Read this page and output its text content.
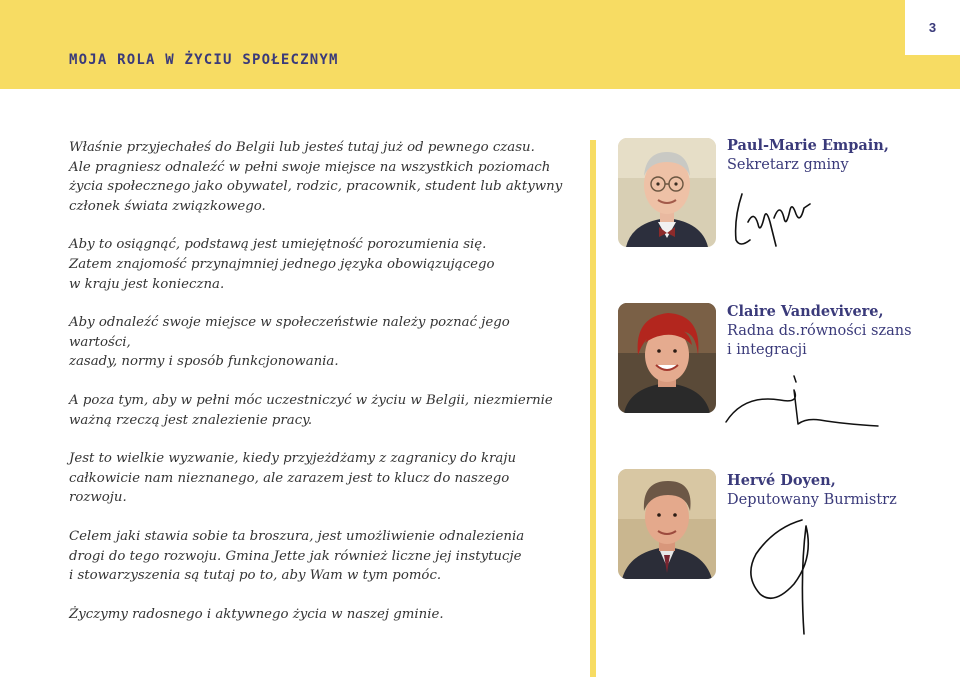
3
MOJA ROLA W ŻYCIU SPOŁECZNYM

Właśnie przyjechałeś do Belgii lub jesteś tutaj już od pewnego czasu.
Ale pragniesz odnaleźć w pełni swoje miejsce na wszystkich poziomach
życia społecznego jako obywatel, rodzic, pracownik, student lub aktywny
członek świata związkowego.

Aby to osiągnąć, podstawą jest umiejętność porozumienia się.
Zatem znajomość przynajmniej jednego języka obowiązującego
w kraju jest konieczna.

Aby odnaleźć swoje miejsce w społeczeństwie należy poznać jego wartości,
zasady, normy i sposób funkcjonowania.

A poza tym, aby w pełni móc uczestniczyć w życiu w Belgii, niezmiernie
ważną rzeczą jest znalezienie pracy.

Jest to wielkie wyzwanie, kiedy przyjeżdżamy z zagranicy do kraju
całkowicie nam nieznanego, ale zarazem jest to klucz do naszego rozwoju.

Celem jaki stawia sobie ta broszura, jest umożliwienie odnalezienia
drogi do tego rozwoju. Gmina Jette jak również liczne jej instytucje
i stowarzyszenia są tutaj po to, aby Wam w tym pomóc.

Życzymy radosnego i aktywnego życia w naszej gminie.

Paul-Marie Empain,
Sekretarz gminy
Claire Vandevivere,
Radna ds.równości szans
i integracji
Hervé Doyen,
Deputowany Burmistrz
